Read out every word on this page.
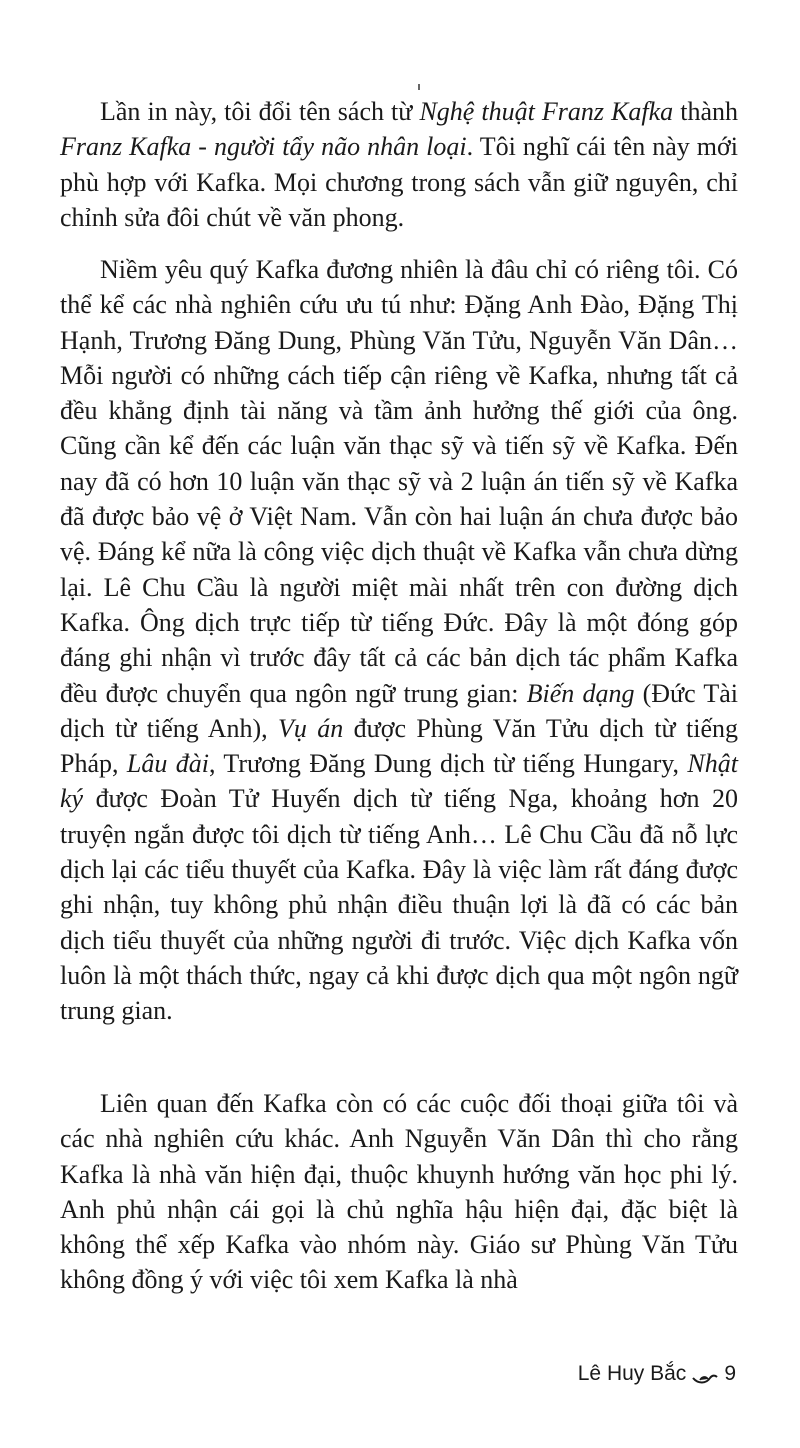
Lần in này, tôi đổi tên sách từ Nghệ thuật Franz Kafka thành Franz Kafka - người tẩy não nhân loại. Tôi nghĩ cái tên này mới phù hợp với Kafka. Mọi chương trong sách vẫn giữ nguyên, chỉ chỉnh sửa đôi chút về văn phong.

Niềm yêu quý Kafka đương nhiên là đâu chỉ có riêng tôi. Có thể kể các nhà nghiên cứu ưu tú như: Đặng Anh Đào, Đặng Thị Hạnh, Trương Đăng Dung, Phùng Văn Tửu, Nguyễn Văn Dân… Mỗi người có những cách tiếp cận riêng về Kafka, nhưng tất cả đều khẳng định tài năng và tầm ảnh hưởng thế giới của ông. Cũng cần kể đến các luận văn thạc sỹ và tiến sỹ về Kafka. Đến nay đã có hơn 10 luận văn thạc sỹ và 2 luận án tiến sỹ về Kafka đã được bảo vệ ở Việt Nam. Vẫn còn hai luận án chưa được bảo vệ. Đáng kể nữa là công việc dịch thuật về Kafka vẫn chưa dừng lại. Lê Chu Cầu là người miệt mài nhất trên con đường dịch Kafka. Ông dịch trực tiếp từ tiếng Đức. Đây là một đóng góp đáng ghi nhận vì trước đây tất cả các bản dịch tác phẩm Kafka đều được chuyển qua ngôn ngữ trung gian: Biến dạng (Đức Tài dịch từ tiếng Anh), Vụ án được Phùng Văn Tửu dịch từ tiếng Pháp, Lâu đài, Trương Đăng Dung dịch từ tiếng Hungary, Nhật ký được Đoàn Tử Huyến dịch từ tiếng Nga, khoảng hơn 20 truyện ngắn được tôi dịch từ tiếng Anh… Lê Chu Cầu đã nỗ lực dịch lại các tiểu thuyết của Kafka. Đây là việc làm rất đáng được ghi nhận, tuy không phủ nhận điều thuận lợi là đã có các bản dịch tiểu thuyết của những người đi trước. Việc dịch Kafka vốn luôn là một thách thức, ngay cả khi được dịch qua một ngôn ngữ trung gian.

Liên quan đến Kafka còn có các cuộc đối thoại giữa tôi và các nhà nghiên cứu khác. Anh Nguyễn Văn Dân thì cho rằng Kafka là nhà văn hiện đại, thuộc khuynh hướng văn học phi lý. Anh phủ nhận cái gọi là chủ nghĩa hậu hiện đại, đặc biệt là không thể xếp Kafka vào nhóm này. Giáo sư Phùng Văn Tửu không đồng ý với việc tôi xem Kafka là nhà

Lê Huy Bắc 9
